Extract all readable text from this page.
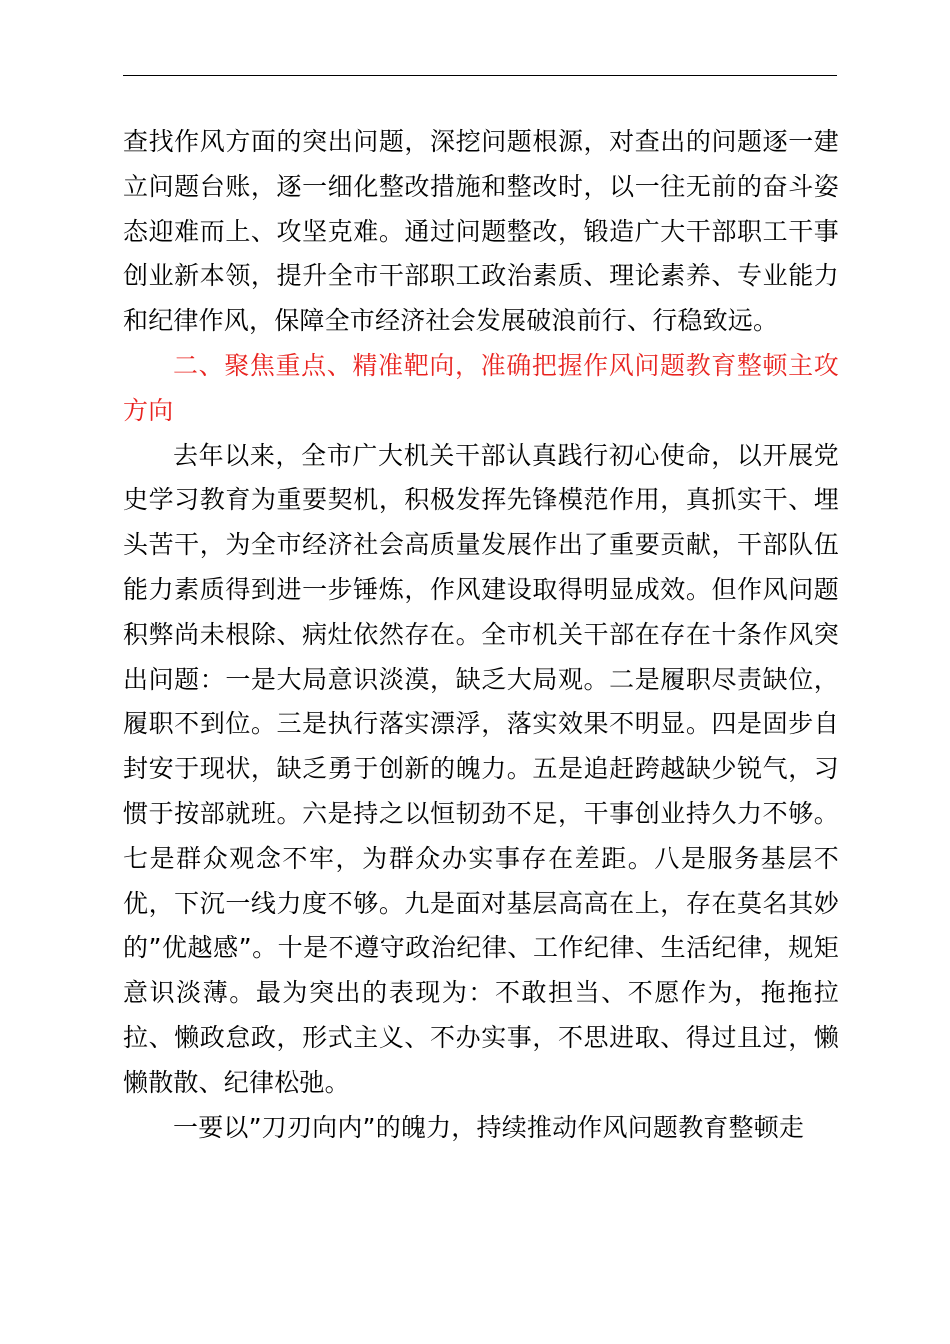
查找作风方面的突出问题，深挖问题根源，对查出的问题逐一建立问题台账，逐一细化整改措施和整改时，以一往无前的奋斗姿态迎难而上、攻坚克难。通过问题整改，锻造广大干部职工干事创业新本领，提升全市干部职工政治素质、理论素养、专业能力和纪律作风，保障全市经济社会发展破浪前行、行稳致远。

二、聚焦重点、精准靶向，准确把握作风问题教育整顿主攻方向

去年以来，全市广大机关干部认真践行初心使命，以开展党史学习教育为重要契机，积极发挥先锋模范作用，真抓实干、埋头苦干，为全市经济社会高质量发展作出了重要贡献，干部队伍能力素质得到进一步锤炼，作风建设取得明显成效。但作风问题积弊尚未根除、病灶依然存在。全市机关干部在存在十条作风突出问题：一是大局意识淡漠，缺乏大局观。二是履职尽责缺位，履职不到位。三是执行落实漂浮，落实效果不明显。四是固步自封安于现状，缺乏勇于创新的魄力。五是追赶跨越缺少锐气，习惯于按部就班。六是持之以恒韧劲不足，干事创业持久力不够。七是群众观念不牢，为群众办实事存在差距。八是服务基层不优，下沉一线力度不够。九是面对基层高高在上，存在莫名其妙的”优越感”。十是不遵守政治纪律、工作纪律、生活纪律，规矩意识淡薄。最为突出的表现为：不敢担当、不愿作为，拖拖拉拉、懒政怠政，形式主义、不办实事，不思进取、得过且过，懒懒散散、纪律松弛。

一要以”刀刃向内”的魄力，持续推动作风问题教育整顿走
